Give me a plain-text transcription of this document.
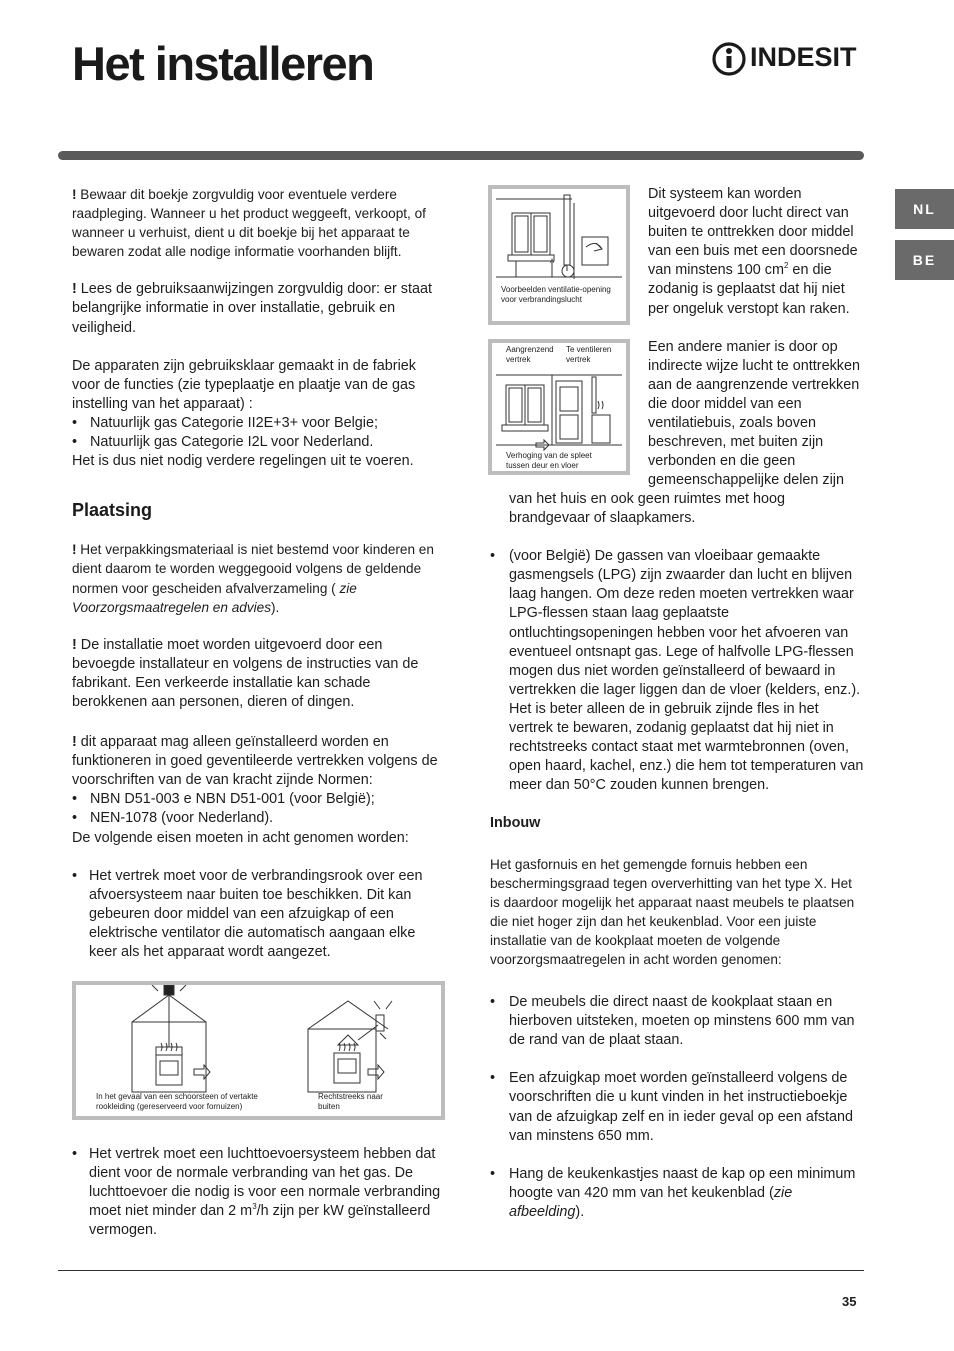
Het installeren	INDESIT
NL
BE

! Bewaar dit boekje zorgvuldig voor eventuele verdere raadpleging. Wanneer u het product weggeeft, verkoopt, of wanneer u verhuist, dient u dit boekje bij het apparaat te bewaren zodat alle nodige informatie voorhanden blijft.

! Lees de gebruiksaanwijzingen zorgvuldig door: er staat belangrijke informatie in over installatie, gebruik en veiligheid.

De apparaten zijn gebruiksklaar gemaakt in de fabriek voor de functies (zie typeplaatje en plaatje van de gas instelling van het apparaat) :

• Natuurlijk gas Categorie II2E+3+ voor Belgie;
• Natuurlijk gas Categorie I2L voor Nederland.

Het is dus niet nodig verdere regelingen uit te voeren.

Plaatsing

! Het verpakkingsmateriaal is niet bestemd voor kinderen en dient daarom te worden weggegooid volgens de geldende normen voor gescheiden afvalverzameling ( zie Voorzorgsmaatregelen en advies).

! De installatie moet worden uitgevoerd door een bevoegde installateur en volgens de instructies van de fabrikant. Een verkeerde installatie kan schade berokkenen aan personen, dieren of dingen.

! dit apparaat mag alleen geïnstalleerd worden en funktioneren in goed geventileerde vertrekken volgens de voorschriften van de van kracht zijnde Normen:

• NBN D51-003 e NBN D51-001 (voor België);
• NEN-1078 (voor Nederland).

De volgende eisen moeten in acht genomen worden:

• Het vertrek moet voor de verbrandingsrook over een afvoersysteem naar buiten toe beschikken. Dit kan gebeuren door middel van een afzuigkap of een elektrische ventilator die automatisch aangaan elke keer als het apparaat wordt aangezet.
In het gevaal van een schoorsteen of vertakte rookleiding (gereserveerd voor fornuizen)
Rechtstreeks naar buiten
• Het vertrek moet een luchttoevoersysteem hebben dat dient voor de normale verbranding van het gas. De luchttoevoer die nodig is voor een normale verbranding moet niet minder dan 2 $m^3/h$ zijn per kW geïnstalleerd vermogen.
A
Voorbeelden ventilatie-opening voor verbrandingslucht
Aangrenzend vertrek
Te ventileren vertrek
Verhoging van de spleet tussen deur en vloer

Dit systeem kan worden uitgevoerd door lucht direct van buiten te onttrekken door middel van een buis met een doorsnede van minstens 100 $cm^2$ en die zodanig is geplaatst dat hij niet per ongeluk verstopt kan raken.

Een andere manier is door op indirecte wijze lucht te onttrekken aan de aangrenzende vertrekken die door middel van een ventilatiebuis, zoals boven beschreven, met buiten zijn verbonden en die geen gemeenschappelijke delen zijn

van het huis en ook geen ruimtes met hoog brandgevaar of slaapkamers.

• (voor België) De gassen van vloeibaar gemaakte gasmengsels (LPG) zijn zwaarder dan lucht en blijven laag hangen. Om deze reden moeten vertrekken waar LPG-flessen staan laag geplaatste ontluchtingsopeningen hebben voor het afvoeren van eventueel ontsnapt gas. Lege of halfvolle LPG-flessen mogen dus niet worden geïnstalleerd of bewaard in vertrekken die lager liggen dan de vloer (kelders, enz.). Het is beter alleen de in gebruik zijnde fles in het vertrek te bewaren, zodanig geplaatst dat hij niet in rechtstreeks contact staat met warmtebronnen (oven, open haard, kachel, enz.) die hem tot temperaturen van meer dan 50°C zouden kunnen brengen.
Inbouw

Het gasfornuis en het gemengde fornuis hebben een beschermingsgraad tegen oververhitting van het type X. Het is daardoor mogelijk het apparaat naast meubels te plaatsen die niet hoger zijn dan het keukenblad. Voor een juiste installatie van de kookplaat moeten de volgende voorzorgsmaatregelen in acht worden genomen:

• De meubels die direct naast de kookplaat staan en hierboven uitsteken, moeten op minstens 600 mm van de rand van de plaat staan.
• Een afzuigkap moet worden geïnstalleerd volgens de voorschriften die u kunt vinden in het instructieboekje van de afzuigkap zelf en in ieder geval op een afstand van minstens 650 mm.
• Hang de keukenkastjes naast de kap op een minimum hoogte van 420 mm van het keukenblad (zie afbeelding).
35
